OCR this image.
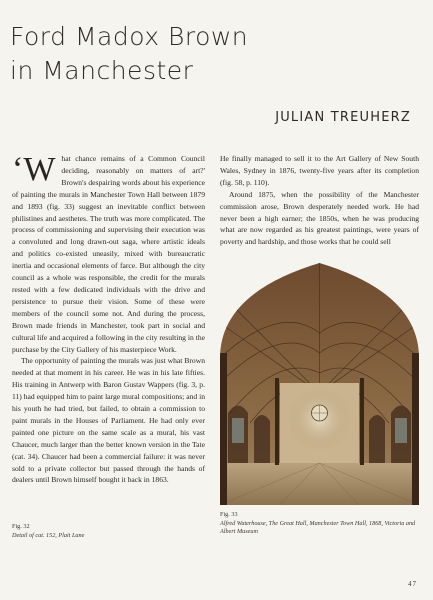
Ford Madox Brown
in Manchester
JULIAN TREUHERZ

‘What chance remains of a Common Council deciding, reasonably on matters of art?' Brown's despairing words about his experience of painting the murals in Manchester Town Hall between 1879 and 1893 (fig. 33) suggest an inevitable conflict between philistines and aesthetes. The truth was more complicated. The process of commissioning and supervising their execution was a convoluted and long drawn-out saga, where artistic ideals and politics co-existed uneasily, mixed with bureaucratic inertia and occasional elements of farce. But although the city council as a whole was responsible, the credit for the murals rested with a few dedicated individuals with the drive and persistence to pursue their vision. Some of these were members of the council some not. And during the process, Brown made friends in Manchester, took part in social and cultural life and acquired a following in the city resulting in the purchase by the City Gallery of his masterpiece Work.

The opportunity of painting the murals was just what Brown needed at that moment in his career. He was in his late fifties. His training in Antwerp with Baron Gustav Wappers (fig. 3, p. 11) had equipped him to paint large mural compositions; and in his youth he had tried, but failed, to obtain a commission to paint murals in the Houses of Parliament. He had only ever painted one picture on the same scale as a mural, his vast Chaucer, much larger than the better known version in the Tate (cat. 34). Chaucer had been a commercial failure: it was never sold to a private collector but passed through the hands of dealers until Brown himself bought it back in 1863.

He finally managed to sell it to the Art Gallery of New South Wales, Sydney in 1876, twenty-five years after its completion (fig. 58, p. 110).

Around 1875, when the possibility of the Manchester commission arose, Brown desperately needed work. He had never been a high earner; the 1850s, when he was producing what are now regarded as his greatest paintings, were years of poverty and hardship, and those works that he could sell

Fig. 32
Detail of cat. 152, Plait Lane
Fig. 33
Alfred Waterhouse, The Great Hall, Manchester Town Hall, 1868, Victoria and Albert Museum
47
